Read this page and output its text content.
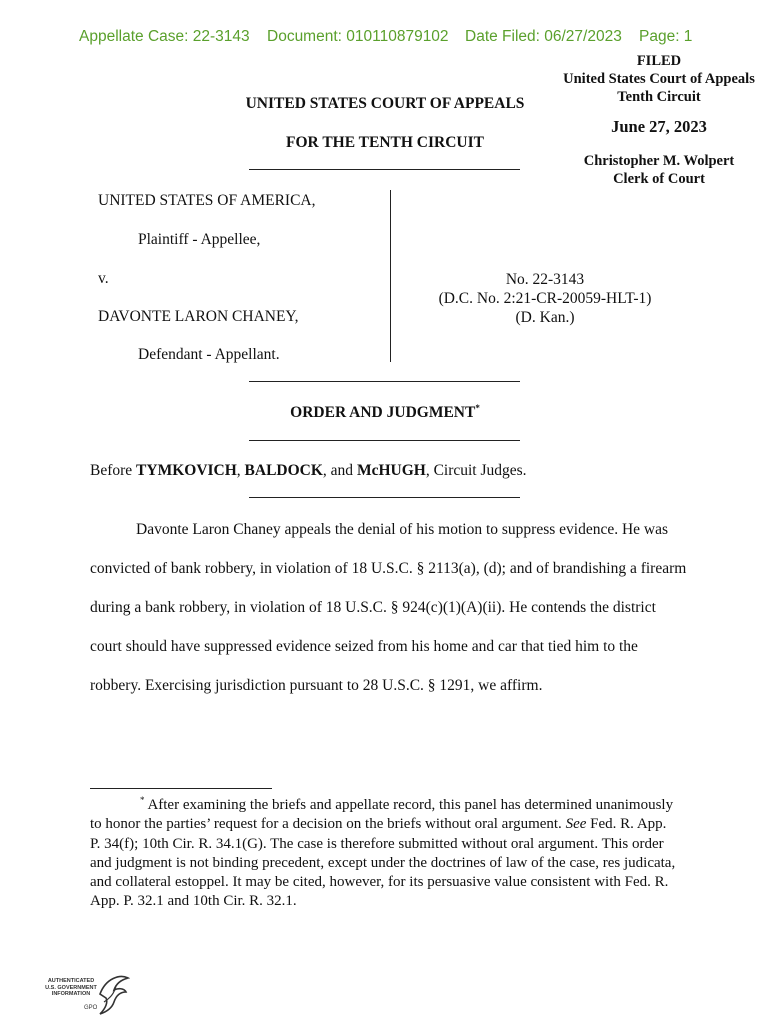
Appellate Case: 22-3143 Document: 010110879102 Date Filed: 06/27/2023 Page: 1
FILED
United States Court of Appeals
Tenth Circuit
June 27, 2023
Christopher M. Wolpert
Clerk of Court
UNITED STATES COURT OF APPEALS
FOR THE TENTH CIRCUIT
UNITED STATES OF AMERICA,
Plaintiff - Appellee,
v.
DAVONTE LARON CHANEY,
Defendant - Appellant.
No. 22-3143
(D.C. No. 2:21-CR-20059-HLT-1)
(D. Kan.)
ORDER AND JUDGMENT*
Before TYMKOVICH, BALDOCK, and McHUGH, Circuit Judges.

Davonte Laron Chaney appeals the denial of his motion to suppress evidence. He was convicted of bank robbery, in violation of 18 U.S.C. § 2113(a), (d); and of brandishing a firearm during a bank robbery, in violation of 18 U.S.C. § 924(c)(1)(A)(ii). He contends the district court should have suppressed evidence seized from his home and car that tied him to the robbery. Exercising jurisdiction pursuant to 28 U.S.C. § 1291, we affirm.

* After examining the briefs and appellate record, this panel has determined unanimously to honor the parties’ request for a decision on the briefs without oral argument. See Fed. R. App. P. 34(f); 10th Cir. R. 34.1(G). The case is therefore submitted without oral argument. This order and judgment is not binding precedent, except under the doctrines of law of the case, res judicata, and collateral estoppel. It may be cited, however, for its persuasive value consistent with Fed. R. App. P. 32.1 and 10th Cir. R. 32.1.
AUTHENTICATED
U.S. GOVERNMENT
INFORMATION
GPO
